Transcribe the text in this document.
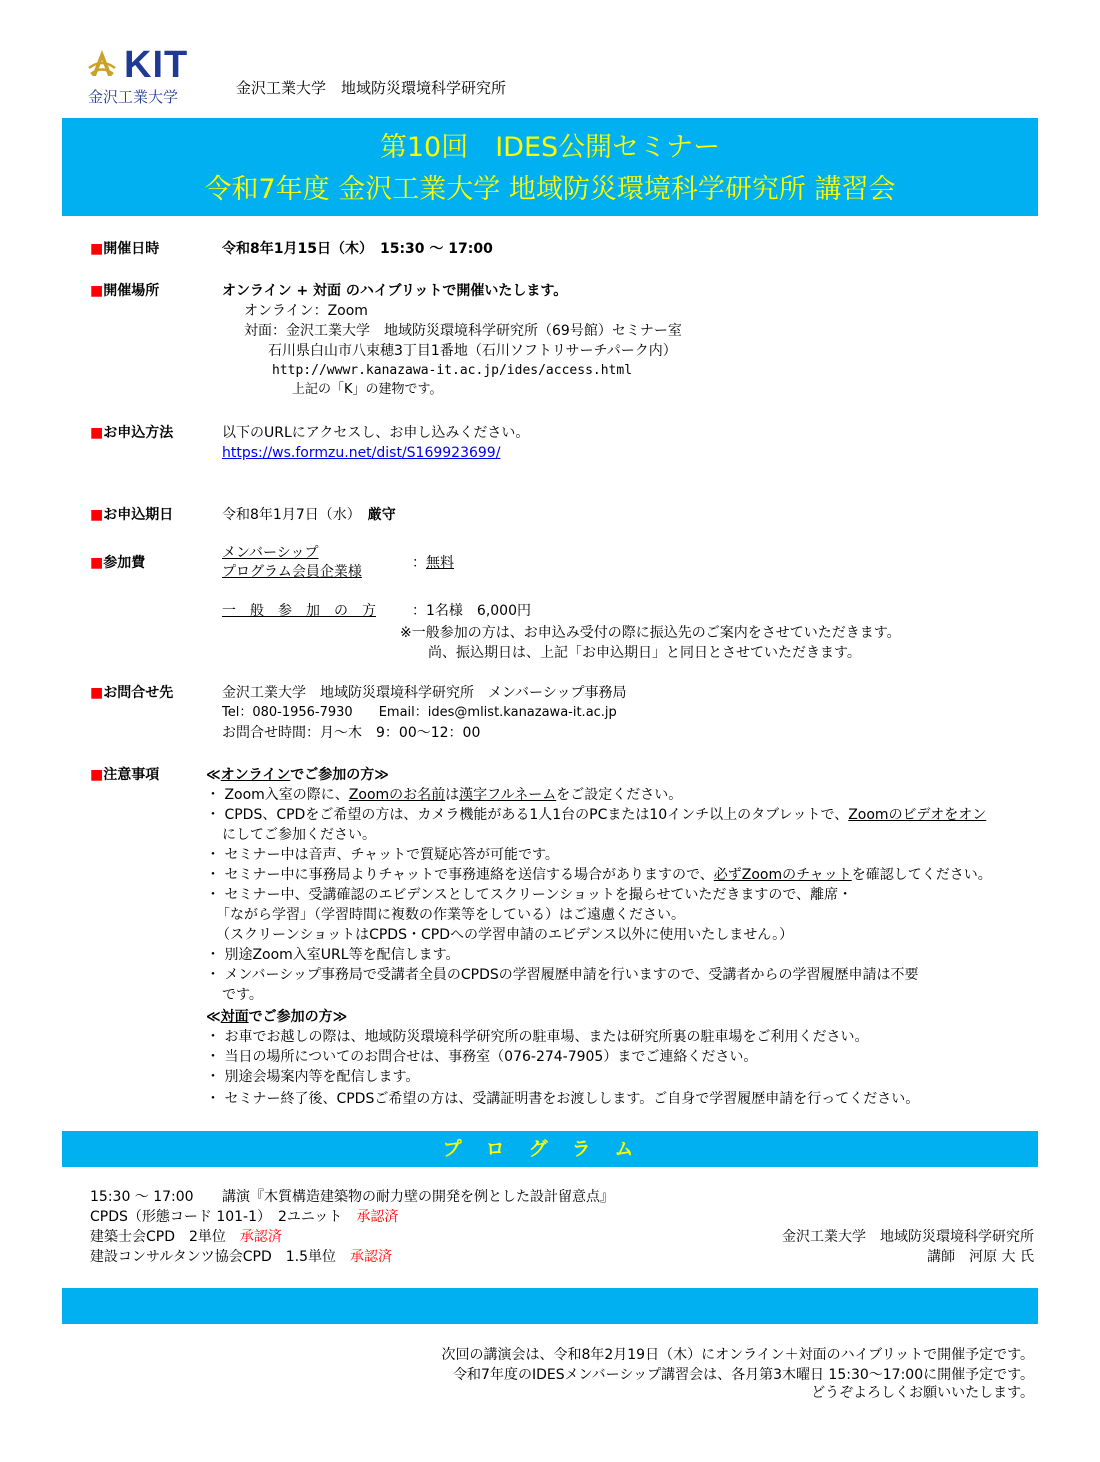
KIT
金沢工業大学	金沢工業大学　地域防災環境科学研究所
第10回　IDES公開セミナー
令和7年度 金沢工業大学 地域防災環境科学研究所 講習会
■開催日時	令和8年1月15日（木）　15:30 〜 17:00
■開催場所	オンライン + 対面 のハイブリットで開催いたします。
オンライン：Zoom
対面：金沢工業大学　地域防災環境科学研究所（69号館）セミナー室
石川県白山市八束穂3丁目1番地（石川ソフトリサーチパーク内）
http://wwwr.kanazawa-it.ac.jp/ides/access.html
上記の「K」の建物です。
■お申込方法	以下のURLにアクセスし、お申し込みください。
https://ws.formzu.net/dist/S169923699/
■お申込期日	令和8年1月7日（水）　 厳守
■参加費
メンバーシップ
プログラム会員企業様
：無料
一　般　参　加　の　方	：1名様　6,000円
※一般参加の方は、お申込み受付の際に振込先のご案内をさせていただきます。
尚、振込期日は、上記「お申込期日」と同日とさせていただきます。
■お問合せ先	金沢工業大学　地域防災環境科学研究所　メンバーシップ事務局
Tel：080-1956-7930　　Email：ides@mlist.kanazawa-it.ac.jp
お問合せ時間：月〜木　9：00〜12：00
■注意事項	≪オンラインでご参加の方≫
・ Zoom入室の際に、Zoomのお名前は漢字フルネームをご設定ください。
・ CPDS、CPDをご希望の方は、カメラ機能がある1人1台のPCまたは10インチ以上のタブレットで、Zoomのビデオをオン
にしてご参加ください。
・ セミナー中は音声、チャットで質疑応答が可能です。
・ セミナー中に事務局よりチャットで事務連絡を送信する場合がありますので、必ずZoomのチャットを確認してください。
・ セミナー中、受講確認のエビデンスとしてスクリーンショットを撮らせていただきますので、離席・
「ながら学習」（学習時間に複数の作業等をしている）はご遠慮ください。
（スクリーンショットはCPDS・CPDへの学習申請のエビデンス以外に使用いたしません。）
・ 別途Zoom入室URL等を配信します。
・ メンバーシップ事務局で受講者全員のCPDSの学習履歴申請を行いますので、受講者からの学習履歴申請は不要
です。
≪対面でご参加の方≫
・ お車でお越しの際は、地域防災環境科学研究所の駐車場、または研究所裏の駐車場をご利用ください。
・ 当日の場所についてのお問合せは、事務室（076-274-7905）までご連絡ください。
・ 別途会場案内等を配信します。
・ セミナー終了後、CPDSご希望の方は、受講証明書をお渡しします。ご自身で学習履歴申請を行ってください。
プログラム
15:30 〜 17:00 講演『木質構造建築物の耐力壁の開発を例とした設計留意点』
CPDS（形態コード 101-1）　2ユニット　 承認済
建築士会CPD　2単位　 承認済
建設コンサルタンツ協会CPD　1.5単位　 承認済
金沢工業大学　地域防災環境科学研究所
講師　河原 大 氏
次回の講演会は、令和8年2月19日（木）にオンライン＋対面のハイブリットで開催予定です。
令和7年度のIDESメンバーシップ講習会は、各月第3木曜日 15:30〜17:00に開催予定です。
どうぞよろしくお願いいたします。
